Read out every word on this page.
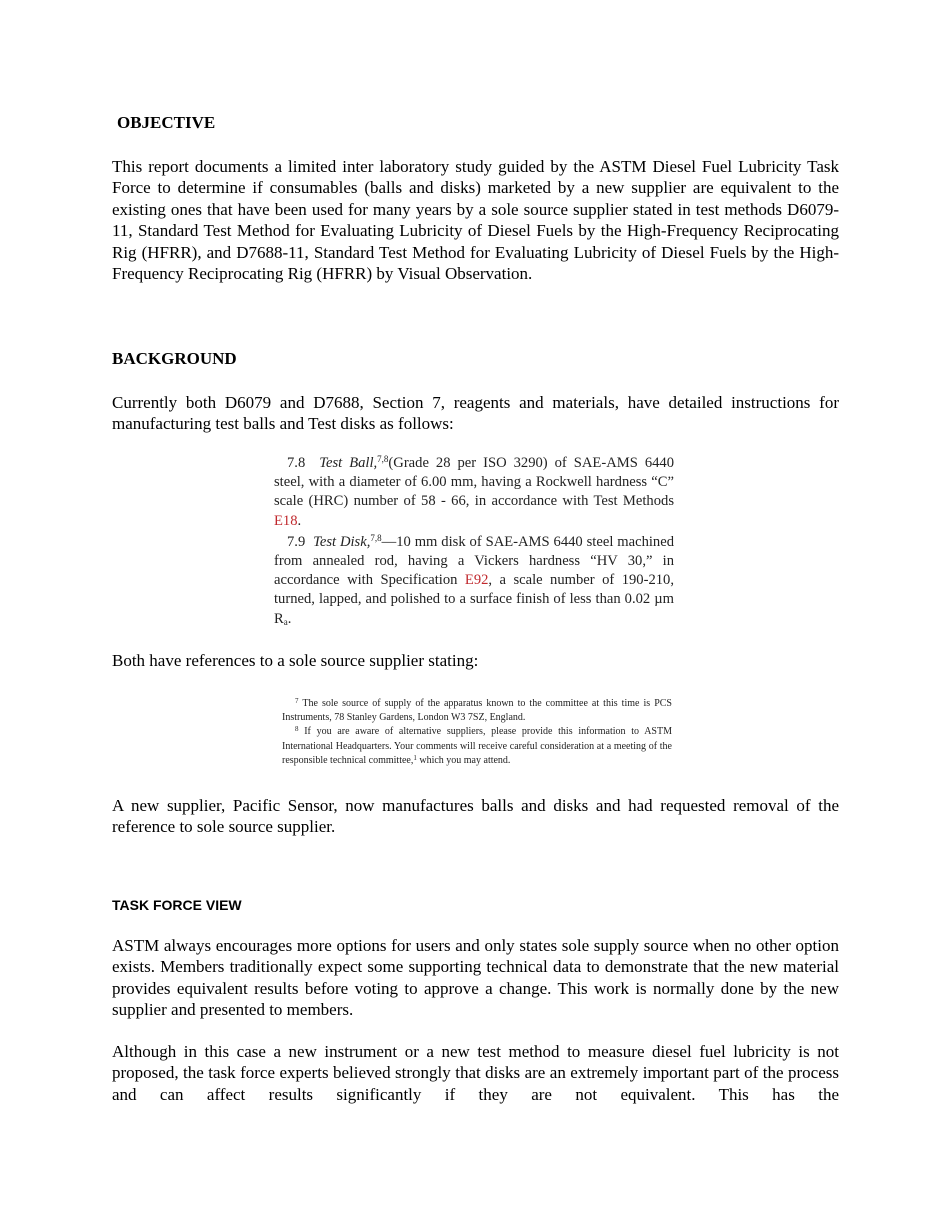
OBJECTIVE

This report documents a limited inter laboratory study guided by the ASTM Diesel Fuel Lubricity Task Force to determine if consumables (balls and disks) marketed by a new supplier are equivalent to the existing ones that have been used for many years by a sole source supplier stated in test methods D6079-11, Standard Test Method for Evaluating Lubricity of Diesel Fuels by the High-Frequency Reciprocating Rig (HFRR), and D7688-11, Standard Test Method for Evaluating Lubricity of Diesel Fuels by the High-Frequency Reciprocating Rig (HFRR) by Visual Observation.

BACKGROUND

Currently both D6079 and D7688, Section 7, reagents and materials, have detailed instructions for manufacturing test balls and Test disks as follows:

7.8 Test Ball,$^{7,8}$(Grade 28 per ISO 3290) of SAE-AMS 6440 steel, with a diameter of 6.00 mm, having a Rockwell hardness “C” scale (HRC) number of 58 - 66, in accordance with Test Methods E18.

7.9 Test Disk,$^{7,8}$—10 mm disk of SAE-AMS 6440 steel machined from annealed rod, having a Vickers hardness “HV 30,” in accordance with Specification E92, a scale number of 190-210, turned, lapped, and polished to a surface finish of less than 0.02 µm $R_a$.

Both have references to a sole source supplier stating:

$^7$ The sole source of supply of the apparatus known to the committee at this time is PCS Instruments, 78 Stanley Gardens, London W3 7SZ, England.

$^8$ If you are aware of alternative suppliers, please provide this information to ASTM International Headquarters. Your comments will receive careful consideration at a meeting of the responsible technical committee,$^1$ which you may attend.

A new supplier, Pacific Sensor, now manufactures balls and disks and had requested removal of the reference to sole source supplier.

TASK FORCE VIEW

ASTM always encourages more options for users and only states sole supply source when no other option exists. Members traditionally expect some supporting technical data to demonstrate that the new material provides equivalent results before voting to approve a change. This work is normally done by the new supplier and presented to members.

Although in this case a new instrument or a new test method to measure diesel fuel lubricity is not proposed, the task force experts believed strongly that disks are an extremely important part of the process and can affect results significantly if they are not equivalent. This has the
